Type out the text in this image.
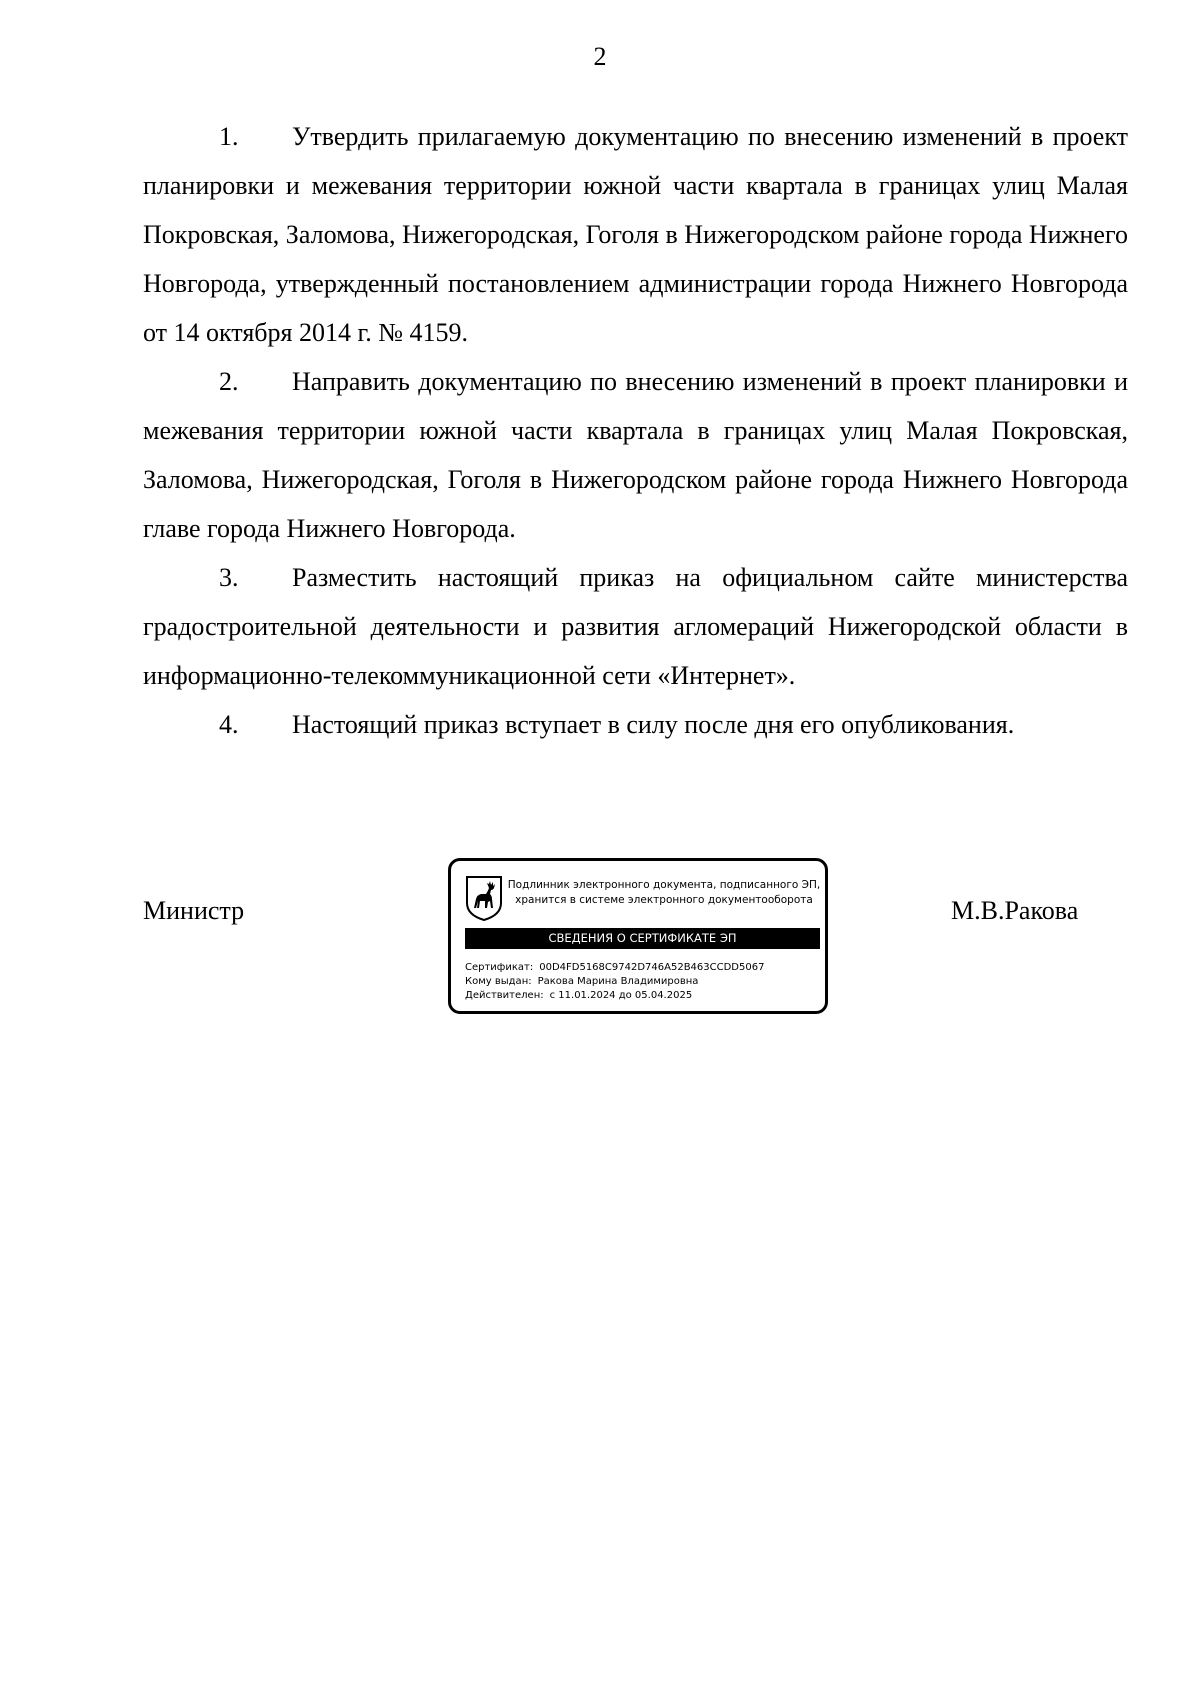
2

1. Утвердить прилагаемую документацию по внесению изменений в проект планировки и межевания территории южной части квартала в границах улиц Малая Покровская, Заломова, Нижегородская, Гоголя в Нижегородском районе города Нижнего Новгорода, утвержденный постановлением администрации города Нижнего Новгорода от 14 октября 2014 г. № 4159.

2. Направить документацию по внесению изменений в проект планировки и межевания территории южной части квартала в границах улиц Малая Покровская, Заломова, Нижегородская, Гоголя в Нижегородском районе города Нижнего Новгорода главе города Нижнего Новгорода.

3. Разместить настоящий приказ на официальном сайте министерства градостроительной деятельности и развития агломераций Нижегородской области в информационно-телекоммуникационной сети «Интернет».

4. Настоящий приказ вступает в силу после дня его опубликования.

Министр
Подлинник электронного документа, подписанного ЭП,
хранится в системе электронного документооборота
СВЕДЕНИЯ О СЕРТИФИКАТЕ ЭП
Сертификат: 00D4FD5168C9742D746A52B463CCDD5067
Кому выдан: Ракова Марина Владимировна
Действителен: с 11.01.2024 до 05.04.2025
М.В.Ракова
